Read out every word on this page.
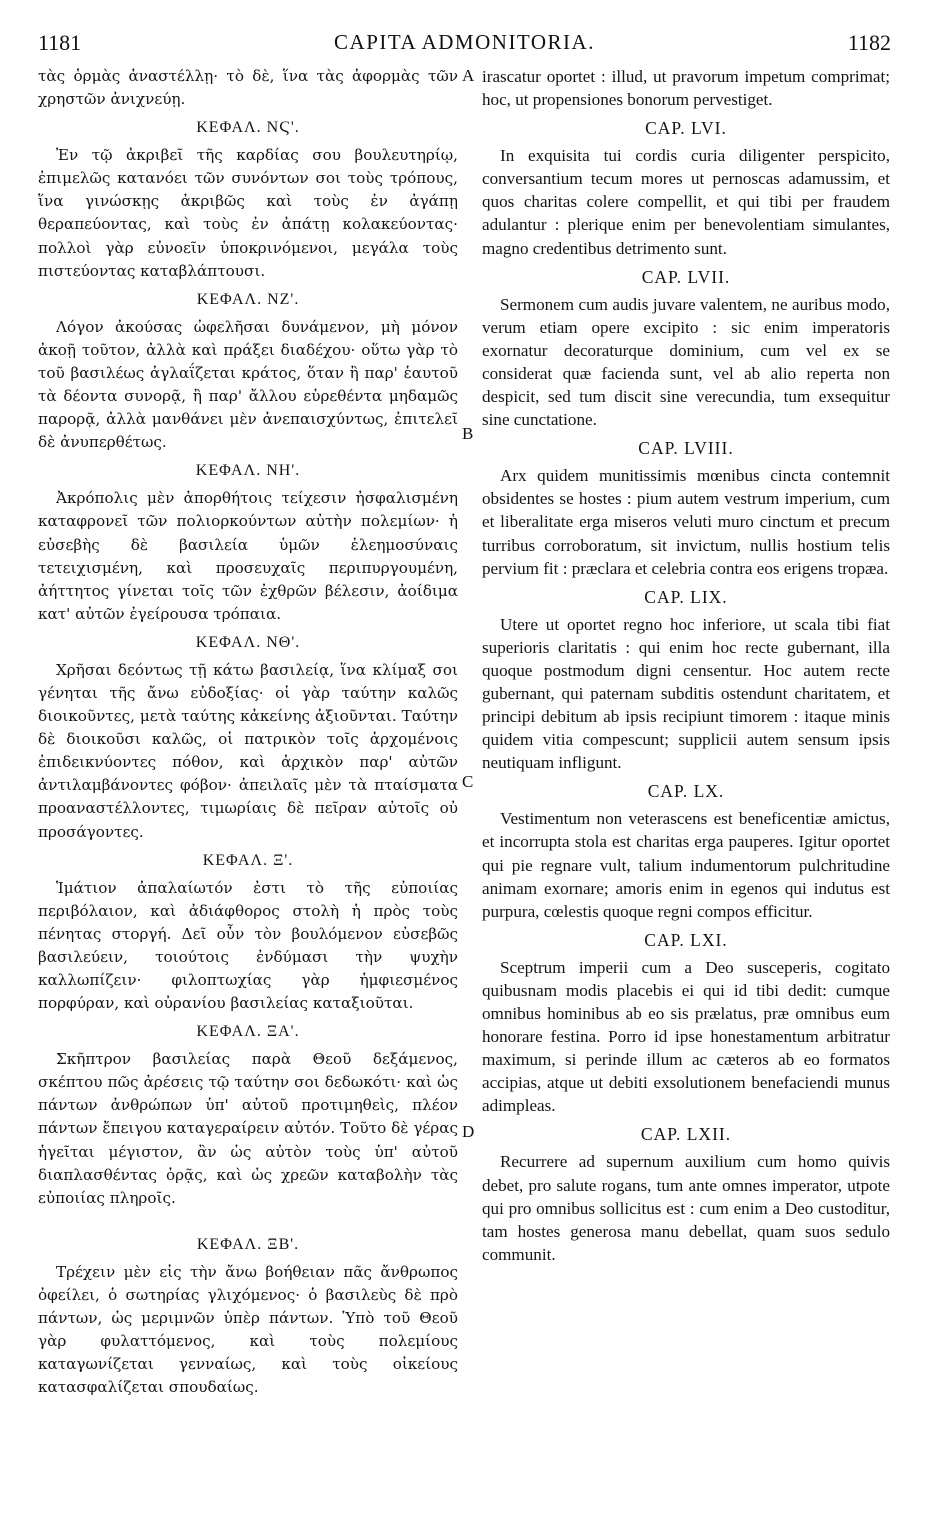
1181	CAPITA ADMONITORIA.	1182

τὰς ὁρμὰς ἀναστέλλῃ· τὸ δὲ, ἵνα τὰς ἀφορμὰς τῶν χρηστῶν ἀνιχνεύῃ.

ΚΕΦΑΛ. ΝϚ'.

Ἐν τῷ ἀκριβεῖ τῆς καρδίας σου βουλευτηρίῳ, ἐπιμελῶς κατανόει τῶν συνόντων σοι τοὺς τρόπους, ἵνα γινώσκῃς ἀκριβῶς καὶ τοὺς ἐν ἀγάπῃ θεραπεύοντας, καὶ τοὺς ἐν ἀπάτῃ κολακεύοντας· πολλοὶ γὰρ εὐνοεῖν ὑποκρινόμενοι, μεγάλα τοὺς πιστεύοντας καταβλάπτουσι.

ΚΕΦΑΛ. ΝΖ'.

Λόγον ἀκούσας ὠφελῆσαι δυνάμενον, μὴ μόνον ἀκοῇ τοῦτον, ἀλλὰ καὶ πράξει διαδέχου· οὕτω γὰρ τὸ τοῦ βασιλέως ἀγλαΐζεται κράτος, ὅταν ἢ παρ' ἑαυτοῦ τὰ δέοντα συνορᾷ, ἢ παρ' ἄλλου εὑρεθέντα μηδαμῶς παρορᾷ, ἀλλὰ μανθάνει μὲν ἀνεπαισχύντως, ἐπιτελεῖ δὲ ἀνυπερθέτως.

ΚΕΦΑΛ. ΝΗ'.

Ἀκρόπολις μὲν ἀπορθήτοις τείχεσιν ἠσφαλισμένη καταφρονεῖ τῶν πολιορκούντων αὐτὴν πολεμίων· ἡ εὐσεβὴς δὲ βασιλεία ὑμῶν ἐλεημοσύναις τετειχισμένη, καὶ προσευχαῖς περιπυργουμένη, ἀήττητος γίνεται τοῖς τῶν ἐχθρῶν βέλεσιν, ἀοίδιμα κατ' αὐτῶν ἐγείρουσα τρόπαια.

ΚΕΦΑΛ. ΝΘ'.

Χρῆσαι δεόντως τῇ κάτω βασιλείᾳ, ἵνα κλίμαξ σοι γένηται τῆς ἄνω εὐδοξίας· οἱ γὰρ ταύτην καλῶς διοικοῦντες, μετὰ ταύτης κἀκείνης ἀξιοῦνται. Ταύτην δὲ διοικοῦσι καλῶς, οἱ πατρικὸν τοῖς ἀρχομένοις ἐπιδεικνύοντες πόθον, καὶ ἀρχικὸν παρ' αὐτῶν ἀντιλαμβάνοντες φόβον· ἀπειλαῖς μὲν τὰ πταίσματα προαναστέλλοντες, τιμωρίαις δὲ πεῖραν αὐτοῖς οὐ προσάγοντες.

ΚΕΦΑΛ. Ξ'.

Ἱμάτιον ἀπαλαίωτόν ἐστι τὸ τῆς εὐποιίας περιβόλαιον, καὶ ἀδιάφθορος στολὴ ἡ πρὸς τοὺς πένητας στοργή. Δεῖ οὖν τὸν βουλόμενον εὐσεβῶς βασιλεύειν, τοιούτοις ἐνδύμασι τὴν ψυχὴν καλλωπίζειν· φιλοπτωχίας γὰρ ἠμφιεσμένος πορφύραν, καὶ οὐρανίου βασιλείας καταξιοῦται.

ΚΕΦΑΛ. ΞΑ'.

Σκῆπτρον βασιλείας παρὰ Θεοῦ δεξάμενος, σκέπτου πῶς ἀρέσεις τῷ ταύτην σοι δεδωκότι· καὶ ὡς πάντων ἀνθρώπων ὑπ' αὐτοῦ προτιμηθεὶς, πλέον πάντων ἔπειγου καταγεραίρειν αὐτόν. Τοῦτο δὲ γέρας ἡγεῖται μέγιστον, ἂν ὡς αὐτὸν τοὺς ὑπ' αὐτοῦ διαπλασθέντας ὁρᾷς, καὶ ὡς χρεῶν καταβολὴν τὰς εὐποιίας πληροῖς.

ΚΕΦΑΛ. ΞΒ'.

Τρέχειν μὲν εἰς τὴν ἄνω βοήθειαν πᾶς ἄνθρωπος ὀφείλει, ὁ σωτηρίας γλιχόμενος· ὁ βασιλεὺς δὲ πρὸ πάντων, ὡς μεριμνῶν ὑπὲρ πάντων. Ὑπὸ τοῦ Θεοῦ γὰρ φυλαττόμενος, καὶ τοὺς πολεμίους καταγωνίζεται γενναίως, καὶ τοὺς οἰκείους κατασφαλίζεται σπουδαίως.

A
B
C
D

irascatur oportet : illud, ut pravorum impetum comprimat; hoc, ut propensiones bonorum pervestiget.

CAP. LVI.

In exquisita tui cordis curia diligenter perspicito, conversantium tecum mores ut pernoscas adamussim, et quos charitas colere compellit, et qui tibi per fraudem adulantur : plerique enim per benevolentiam simulantes, magno credentibus detrimento sunt.

CAP. LVII.

Sermonem cum audis juvare valentem, ne auribus modo, verum etiam opere excipito : sic enim imperatoris exornatur decoraturque dominium, cum vel ex se considerat quæ facienda sunt, vel ab alio reperta non despicit, sed tum discit sine verecundia, tum exsequitur sine cunctatione.

CAP. LVIII.

Arx quidem munitissimis mœnibus cincta contemnit obsidentes se hostes : pium autem vestrum imperium, cum et liberalitate erga miseros veluti muro cinctum et precum turribus corroboratum, sit invictum, nullis hostium telis pervium fit : præclara et celebria contra eos erigens tropæa.

CAP. LIX.

Utere ut oportet regno hoc inferiore, ut scala tibi fiat superioris claritatis : qui enim hoc recte gubernant, illa quoque postmodum digni censentur. Hoc autem recte gubernant, qui paternam subditis ostendunt charitatem, et principi debitum ab ipsis recipiunt timorem : itaque minis quidem vitia compescunt; supplicii autem sensum ipsis neutiquam infligunt.

CAP. LX.

Vestimentum non veterascens est beneficentiæ amictus, et incorrupta stola est charitas erga pauperes. Igitur oportet qui pie regnare vult, talium indumentorum pulchritudine animam exornare; amoris enim in egenos qui indutus est purpura, cœlestis quoque regni compos efficitur.

CAP. LXI.

Sceptrum imperii cum a Deo susceperis, cogitato quibusnam modis placebis ei qui id tibi dedit: cumque omnibus hominibus ab eo sis prælatus, præ omnibus eum honorare festina. Porro id ipse honestamentum arbitratur maximum, si perinde illum ac cæteros ab eo formatos accipias, atque ut debiti exsolutionem benefaciendi munus adimpleas.

CAP. LXII.

Recurrere ad supernum auxilium cum homo quivis debet, pro salute rogans, tum ante omnes imperator, utpote qui pro omnibus sollicitus est : cum enim a Deo custoditur, tam hostes generosa manu debellat, quam suos sedulo communit.
